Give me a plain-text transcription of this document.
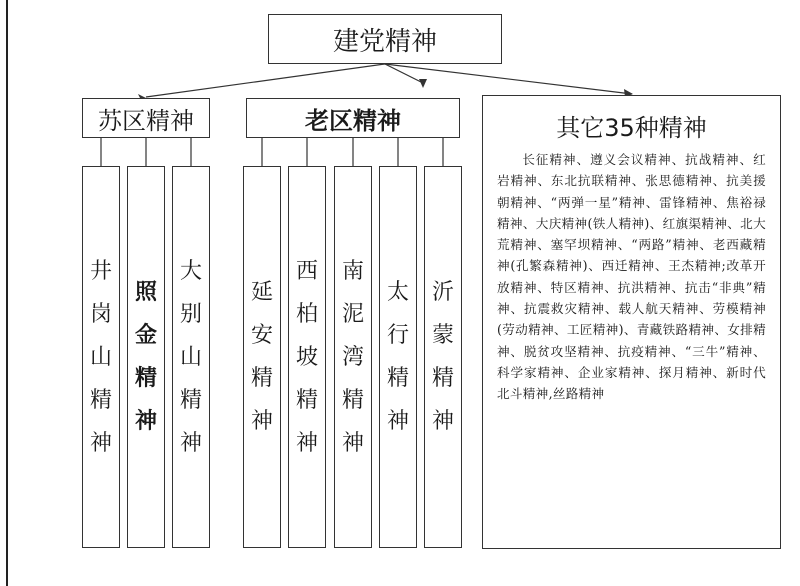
建党精神
苏区精神	老区精神
井
岗
山
精
神
照
金
精
神
大
别
山
精
神
延
安
精
神
西
柏
坡
精
神
南
泥
湾
精
神
太
行
精
神
沂
蒙
精
神
其它35种精神
长征精神、遵义会议精神、抗战精神、红岩精神、东北抗联精神、张思德精神、抗美援朝精神、“两弹一星”精神、雷锋精神、焦裕禄精神、大庆精神(铁人精神)、红旗渠精神、北大荒精神、塞罕坝精神、“两路”精神、老西藏精神(孔繁森精神)、西迁精神、王杰精神;改革开放精神、特区精神、抗洪精神、抗击“非典”精神、抗震救灾精神、载人航天精神、劳模精神(劳动精神、工匠精神)、青藏铁路精神、女排精神、脱贫攻坚精神、抗疫精神、“三牛”精神、科学家精神、企业家精神、探月精神、新时代北斗精神,丝路精神
